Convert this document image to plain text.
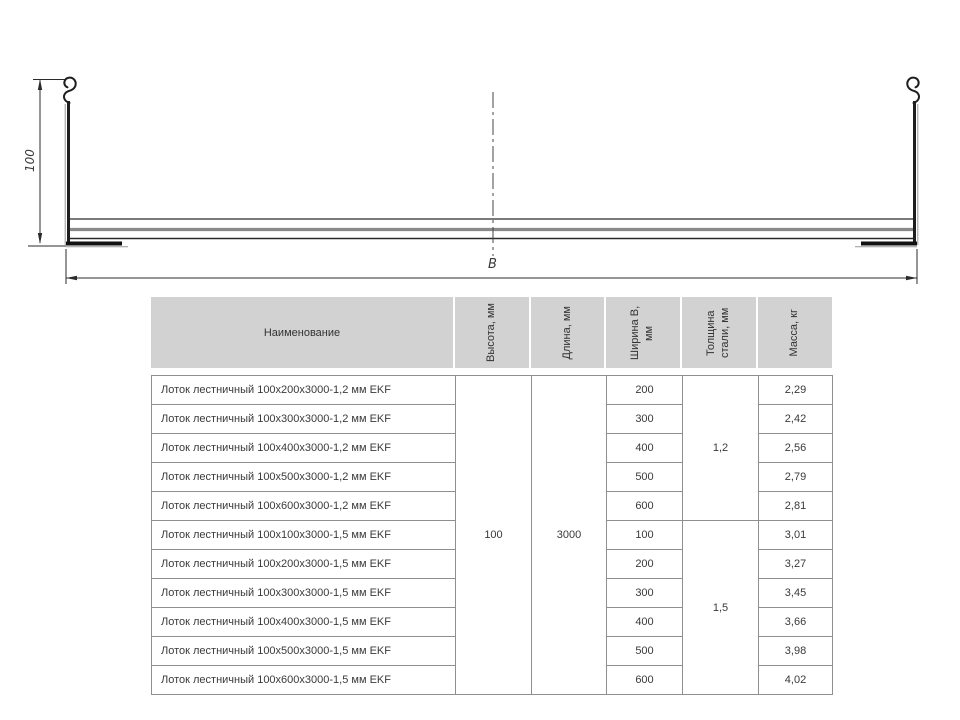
100
B
Наименование	Высота, мм	Длина, мм	Ширина В, мм	Толщина стали, мм	Масса, кг
Лоток лестничный 100х200х3000-1,2 мм EKF	100	3000	200	1,2	2,29
Лоток лестничный 100х300х3000-1,2 мм EKF			300		2,42
Лоток лестничный 100х400х3000-1,2 мм EKF			400		2,56
Лоток лестничный 100х500х3000-1,2 мм EKF			500		2,79
Лоток лестничный 100х600х3000-1,2 мм EKF			600		2,81
Лоток лестничный 100х100х3000-1,5 мм EKF			100	1,5	3,01
Лоток лестничный 100х200х3000-1,5 мм EKF			200		3,27
Лоток лестничный 100х300х3000-1,5 мм EKF			300		3,45
Лоток лестничный 100х400х3000-1,5 мм EKF			400		3,66
Лоток лестничный 100х500х3000-1,5 мм EKF			500		3,98
Лоток лестничный 100х600х3000-1,5 мм EKF			600		4,02
